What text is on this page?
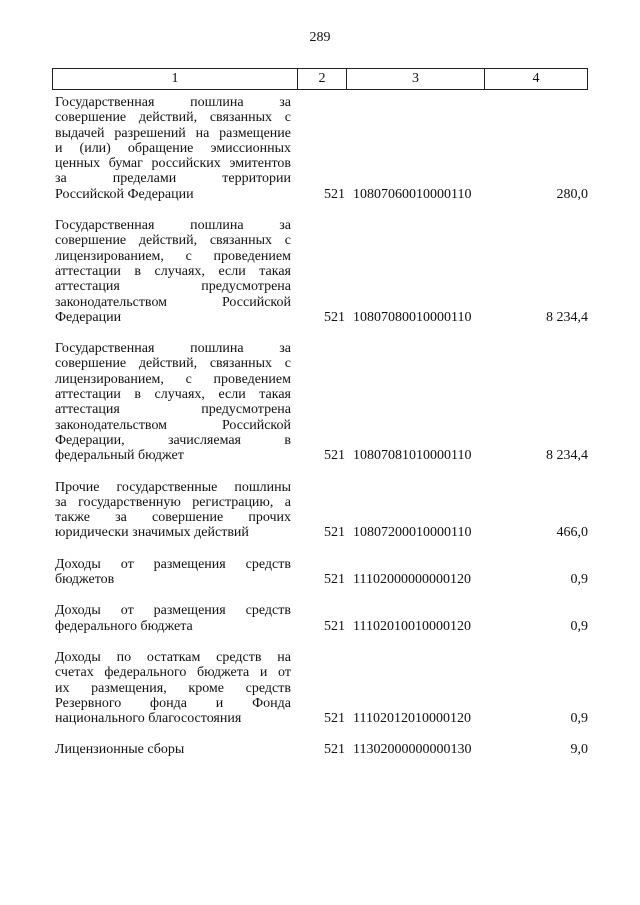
289
1	2	3	4
Государственная пошлина за
совершение действий, связанных с
выдачей разрешений на размещение
и (или) обращение эмиссионных
ценных бумаг российских эмитентов
за пределами территории
Российской Федерации	521 10807060010000110	280,0
Государственная пошлина за
совершение действий, связанных с
лицензированием, с проведением
аттестации в случаях, если такая
аттестация предусмотрена
законодательством Российской
Федерации	521 10807080010000110	8 234,4
Государственная пошлина за
совершение действий, связанных с
лицензированием, с проведением
аттестации в случаях, если такая
аттестация предусмотрена
законодательством Российской
Федерации, зачисляемая в
федеральный бюджет	521 10807081010000110	8 234,4
Прочие государственные пошлины
за государственную регистрацию, а
также за совершение прочих
юридически значимых действий	521 10807200010000110	466,0
Доходы от размещения средств
бюджетов	521 11102000000000120	0,9
Доходы от размещения средств
федерального бюджета	521 11102010010000120	0,9
Доходы по остаткам средств на
счетах федерального бюджета и от
их размещения, кроме средств
Резервного фонда и Фонда
национального благосостояния	521 11102012010000120	0,9
Лицензионные сборы	521 11302000000000130	9,0
